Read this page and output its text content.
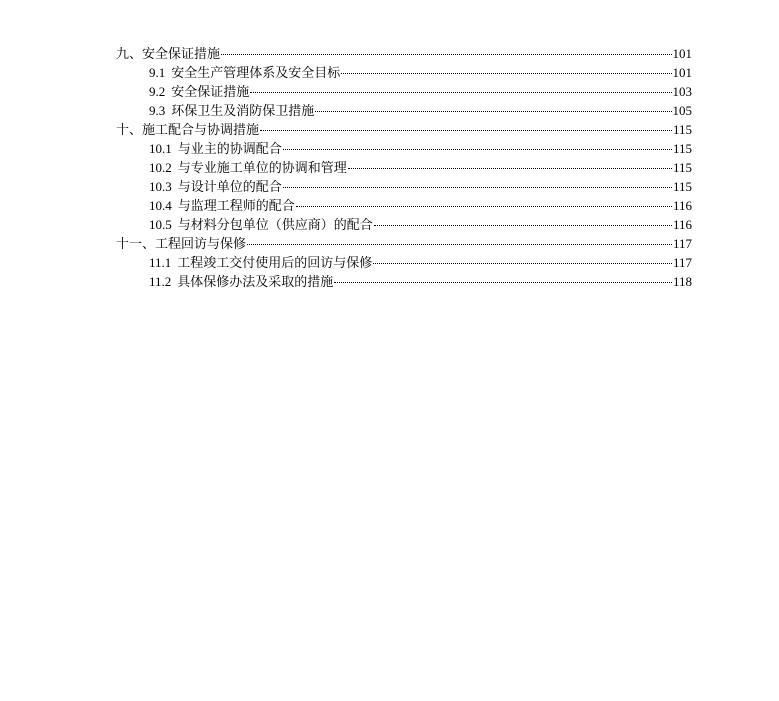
九、安全保证措施	101
9.1 安全生产管理体系及安全目标	101
9.2 安全保证措施	103
9.3 环保卫生及消防保卫措施	105
十、施工配合与协调措施	115
10.1 与业主的协调配合	115
10.2 与专业施工单位的协调和管理	115
10.3 与设计单位的配合	115
10.4 与监理工程师的配合	116
10.5 与材料分包单位（供应商）的配合	116
十一、工程回访与保修	117
11.1 工程竣工交付使用后的回访与保修	117
11.2 具体保修办法及采取的措施	118
